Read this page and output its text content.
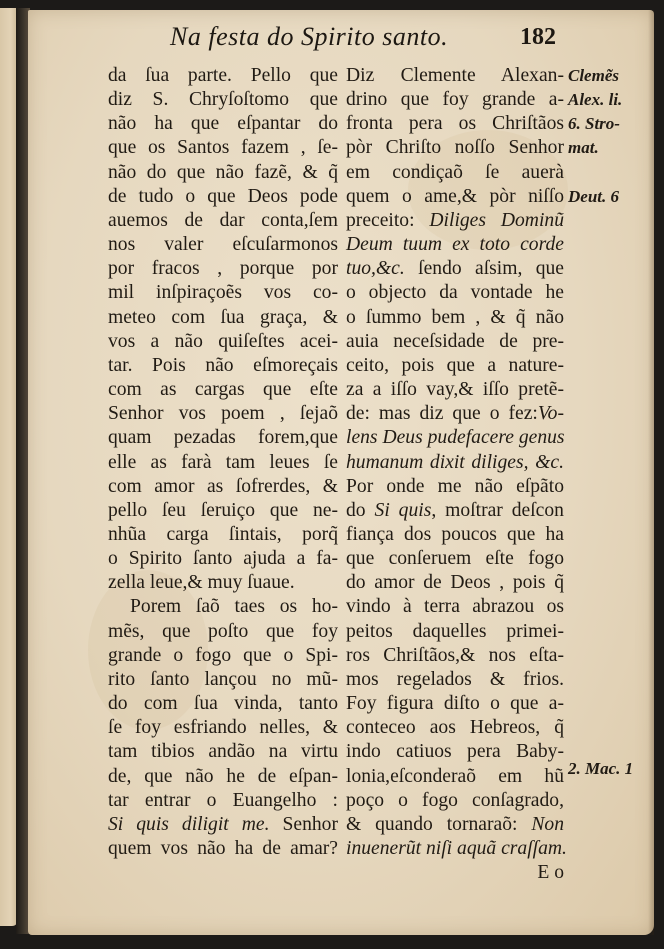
Na festa do Spirito santo.	182
da ſua parte. Pello que
diz S. Chryſoſtomo que
não ha que eſpantar do
que os Santos fazem , ſe-
não do que não fazẽ, & q̃
de tudo o que Deos pode
auemos de dar conta,ſem
nos valer eſcuſarmonos
por fracos , porque por
mil inſpiraçoẽs vos co-
meteo com ſua graça, &
vos a não quiſeſtes acei-
tar. Pois não eſmoreçais
com as cargas que eſte
Senhor vos poem , ſejaõ
quam pezadas forem,que
elle as farà tam leues ſe
com amor as ſofrerdes, &
pello ſeu ſeruiço que ne-
nhũa carga ſintais, porq̃
o Spirito ſanto ajuda a fa-
zella leue,& muy ſuaue.
Porem ſaõ taes os ho-
mẽs, que poſto que foy
grande o fogo que o Spi-
rito ſanto lançou no mũ-
do com ſua vinda, tanto
ſe foy esfriando nelles, &
tam tibios andão na virtu
de, que não he de eſpan-
tar entrar o Euangelho :
Si quis diligit me. Senhor
quem vos não ha de amar?
Diz Clemente Alexan-
drino que foy grande a-
fronta pera os Chriſtãos
pòr Chriſto noſſo Senhor
em condiçaõ ſe auerà
quem o ame,& pòr niſſo
preceito: Diliges Dominũ
Deum tuum ex toto corde
tuo,&c. ſendo aſsim, que
o objecto da vontade he
o ſummo bem , & q̃ não
auia neceſsidade de pre-
ceito, pois que a nature-
za a iſſo vay,& iſſo pretẽ-
de: mas diz que o fez:Vo-
lens Deus pudefacere genus
humanum dixit diliges, &c.
Por onde me não eſpãto
do Si quis, moſtrar deſcon
fiança dos poucos que ha
que conſeruem eſte fogo
do amor de Deos , pois q̃
vindo à terra abrazou os
peitos daquelles primei-
ros Chriſtãos,& nos eſta-
mos regelados & frios.
Foy figura diſto o que a-
conteceo aos Hebreos, q̃
indo catiuos pera Baby-
lonia,eſconderaõ em hũ
poço o fogo conſagrado,
& quando tornaraõ: Non
inuenerũt niſi aquã craſſam.
E o
Clemẽs
Alex. li.
6. Stro-
mat.
Deut. 6
2. Mac. 1
